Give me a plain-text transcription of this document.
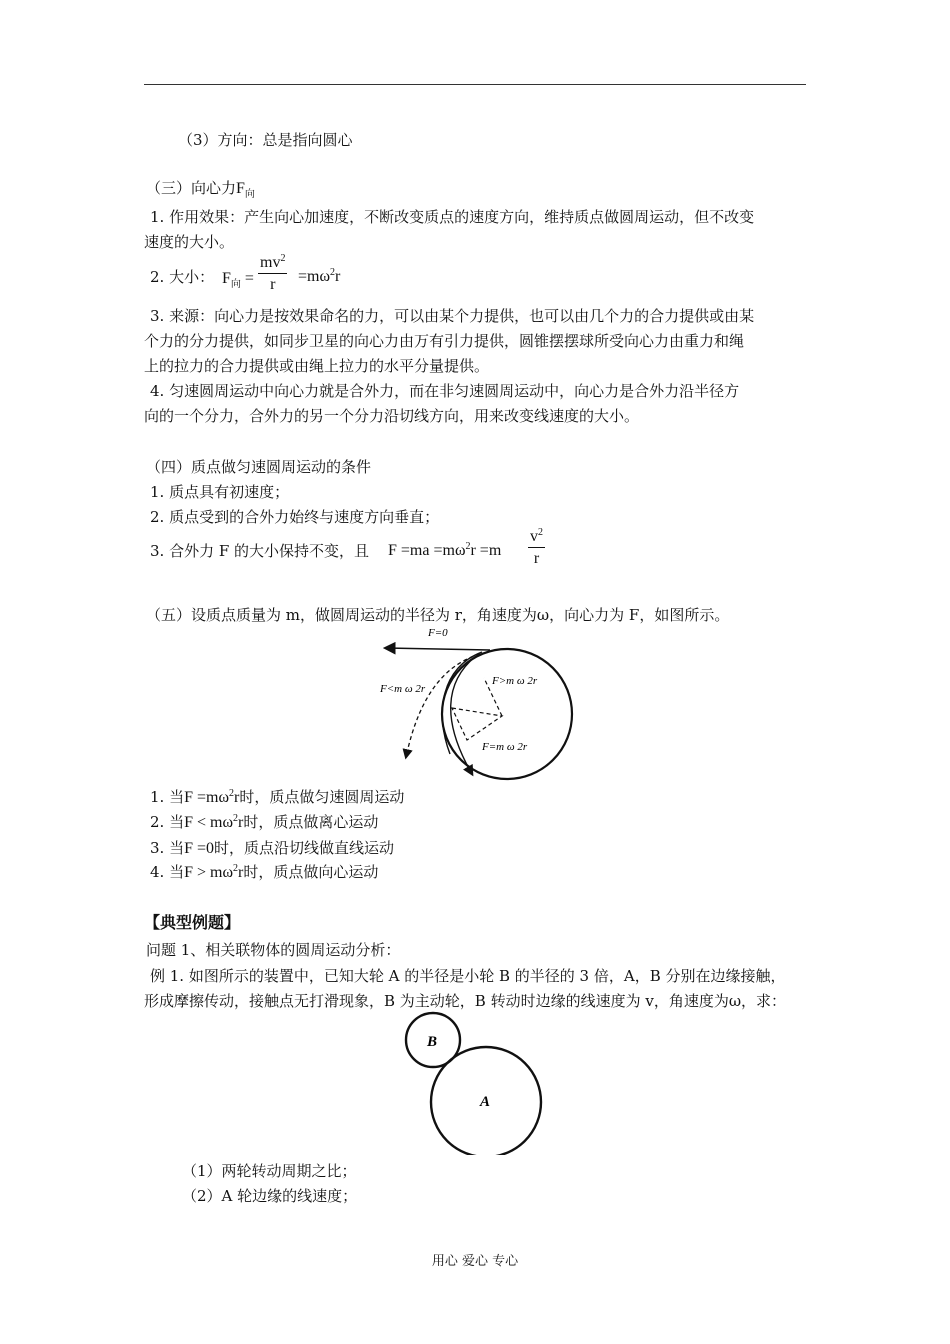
（3）方向：总是指向圆心
（三）向心力$F_向$
1. 作用效果：产生向心加速度，不断改变质点的速度方向，维持质点做圆周运动，但不改变
速度的大小。
2. 大小： $F_向 = \frac{mv^2}{r} =m\omega^2r$
3. 来源：向心力是按效果命名的力，可以由某个力提供，也可以由几个力的合力提供或由某
个力的分力提供，如同步卫星的向心力由万有引力提供，圆锥摆摆球所受向心力由重力和绳
上的拉力的合力提供或由绳上拉力的水平分量提供。
4. 匀速圆周运动中向心力就是合外力，而在非匀速圆周运动中，向心力是合外力沿半径方
向的一个分力，合外力的另一个分力沿切线方向，用来改变线速度的大小。
（四）质点做匀速圆周运动的条件
1. 质点具有初速度；
2. 质点受到的合外力始终与速度方向垂直；
3. 合外力 F 的大小保持不变，且 $F =ma =m\omega^2r =m \frac{v^2}{r}$
（五）设质点质量为 m，做圆周运动的半径为 r，角速度为ω，向心力为 F，如图所示。
F=0
F<m ω 2r
F>m ω 2r
F=m ω 2r
1. 当$F =m\omega^2r$时，质点做匀速圆周运动
2. 当$F < m\omega^2r$时，质点做离心运动
3. 当F =0时，质点沿切线做直线运动
4. 当$F > m\omega^2r$时，质点做向心运动
【典型例题】
问题 1、相关联物体的圆周运动分析：
例 1. 如图所示的装置中，已知大轮 A 的半径是小轮 B 的半径的 3 倍，A，B 分别在边缘接触，
形成摩擦传动，接触点无打滑现象，B 为主动轮，B 转动时边缘的线速度为 v，角速度为ω，求：
B
A
（1）两轮转动周期之比；
（2）A 轮边缘的线速度；
用心 爱心 专心
